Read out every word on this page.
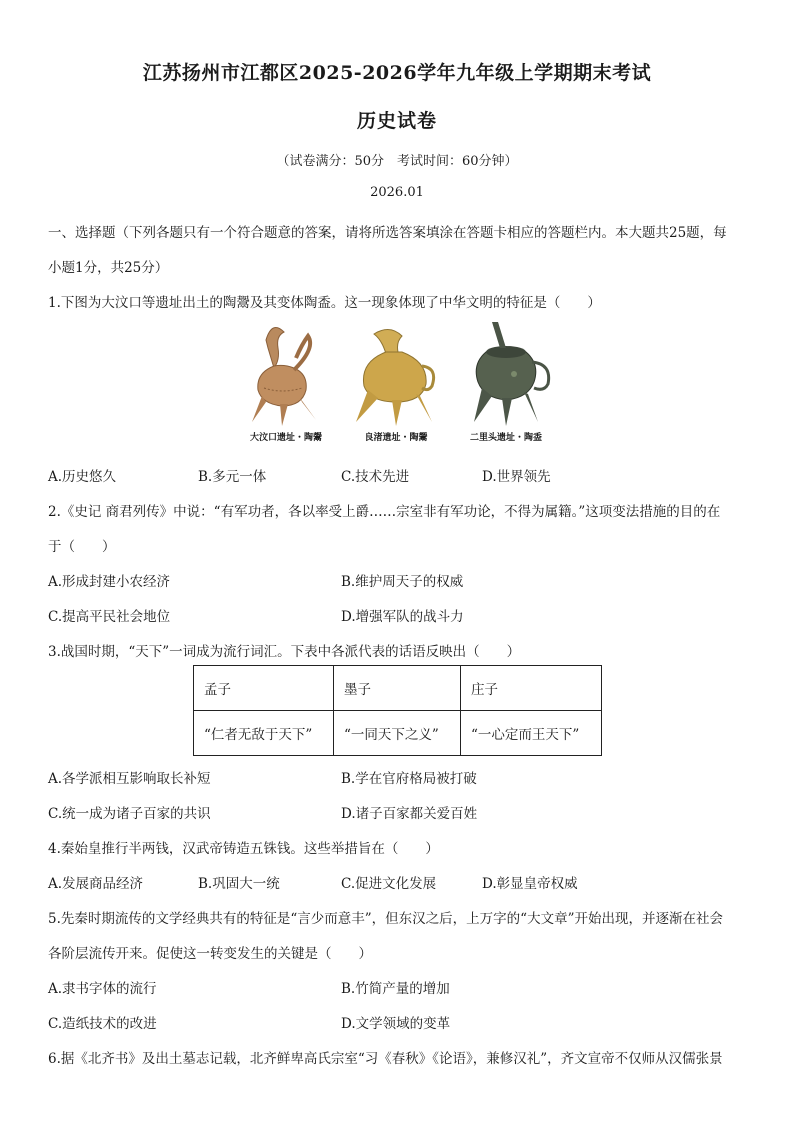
江苏扬州市江都区2025-2026学年九年级上学期期末考试
历史试卷
（试卷满分：50分　考试时间：60分钟）
2026.01
一、选择题（下列各题只有一个符合题意的答案，请将所选答案填涂在答题卡相应的答题栏内。本大题共25题，每
小题1分，共25分）
1.下图为大汶口等遗址出土的陶鬶及其变体陶盉。这一现象体现了中华文明的特征是（　　）
大汶口遗址・陶鬶	良渚遗址・陶鬶	二里头遗址・陶盉
A.历史悠久	B.多元一体	C.技术先进	D.世界领先
2.《史记 商君列传》中说：“有军功者，各以率受上爵……宗室非有军功论，不得为属籍。”这项变法措施的目的在
于（　　）
A.形成封建小农经济	B.维护周天子的权威
C.提高平民社会地位	D.增强军队的战斗力
3.战国时期，“天下”一词成为流行词汇。下表中各派代表的话语反映出（　　）
孟子	墨子	庄子
“仁者无敌于天下”	“一同天下之义”	“一心定而王天下”
A.各学派相互影响取长补短	B.学在官府格局被打破
C.统一成为诸子百家的共识	D.诸子百家都关爱百姓
4.秦始皇推行半两钱，汉武帝铸造五铢钱。这些举措旨在（　　）
A.发展商品经济	B.巩固大一统	C.促进文化发展	D.彰显皇帝权威
5.先秦时期流传的文学经典共有的特征是“言少而意丰”，但东汉之后，上万字的“大文章”开始出现，并逐渐在社会
各阶层流传开来。促使这一转变发生的关键是（　　）
A.隶书字体的流行	B.竹简产量的增加
C.造纸技术的改进	D.文学领域的变革
6.据《北齐书》及出土墓志记载，北齐鲜卑高氏宗室“习《春秋》《论语》，兼修汉礼”，齐文宣帝不仅师从汉儒张景
